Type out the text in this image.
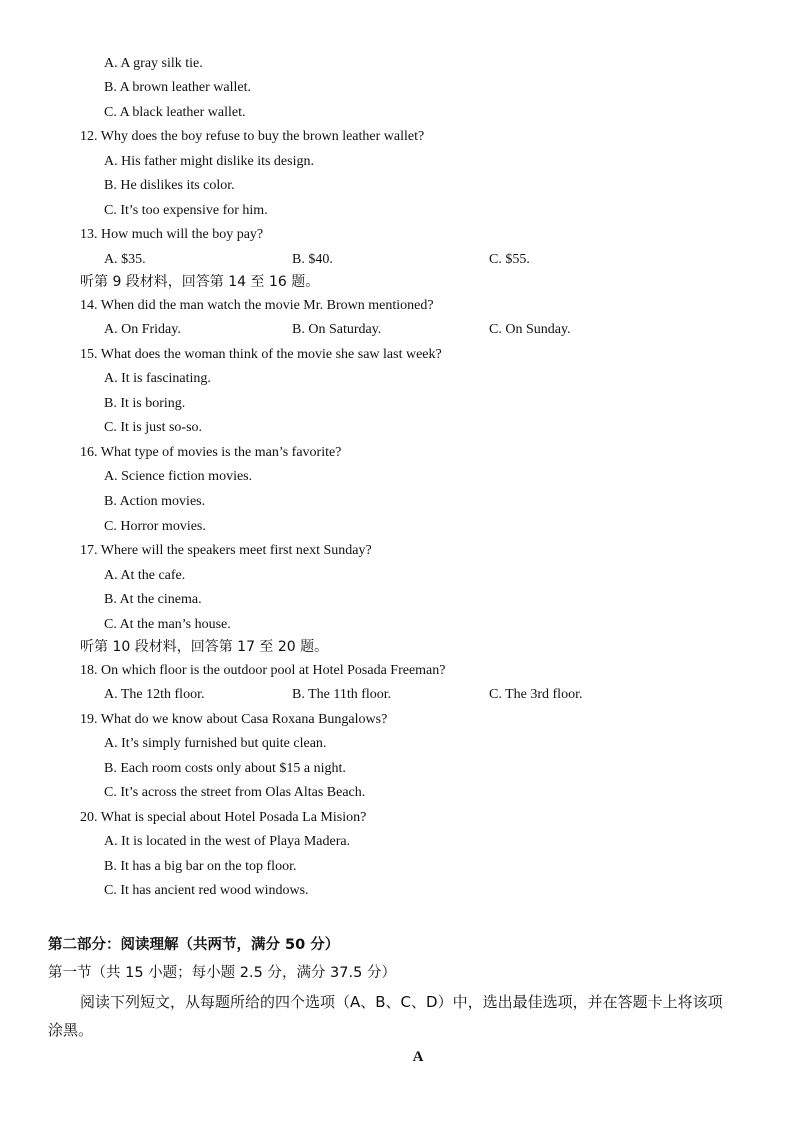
A. A gray silk tie.
B. A brown leather wallet.
C. A black leather wallet.
12. Why does the boy refuse to buy the brown leather wallet?
A. His father might dislike its design.
B. He dislikes its color.
C. It’s too expensive for him.
13. How much will the boy pay?
A. $35.	B. $40.	C. $55.
听第 9 段材料，回答第 14 至 16 题。
14. When did the man watch the movie Mr. Brown mentioned?
A. On Friday.	B. On Saturday.	C. On Sunday.
15. What does the woman think of the movie she saw last week?
A. It is fascinating.
B. It is boring.
C. It is just so-so.
16. What type of movies is the man’s favorite?
A. Science fiction movies.
B. Action movies.
C. Horror movies.
17. Where will the speakers meet first next Sunday?
A. At the cafe.
B. At the cinema.
C. At the man’s house.
听第 10 段材料，回答第 17 至 20 题。
18. On which floor is the outdoor pool at Hotel Posada Freeman?
A. The 12th floor.	B. The 11th floor.	C. The 3rd floor.
19. What do we know about Casa Roxana Bungalows?
A. It’s simply furnished but quite clean.
B. Each room costs only about $15 a night.
C. It’s across the street from Olas Altas Beach.
20. What is special about Hotel Posada La Mision?
A. It is located in the west of Playa Madera.
B. It has a big bar on the top floor.
C. It has ancient red wood windows.
第二部分：阅读理解（共两节，满分 50 分）
第一节（共 15 小题；每小题 2.5 分，满分 37.5 分）
阅读下列短文，从每题所给的四个选项（A、B、C、D）中，选出最佳选项，并在答题卡上将该项
涂黑。
A
